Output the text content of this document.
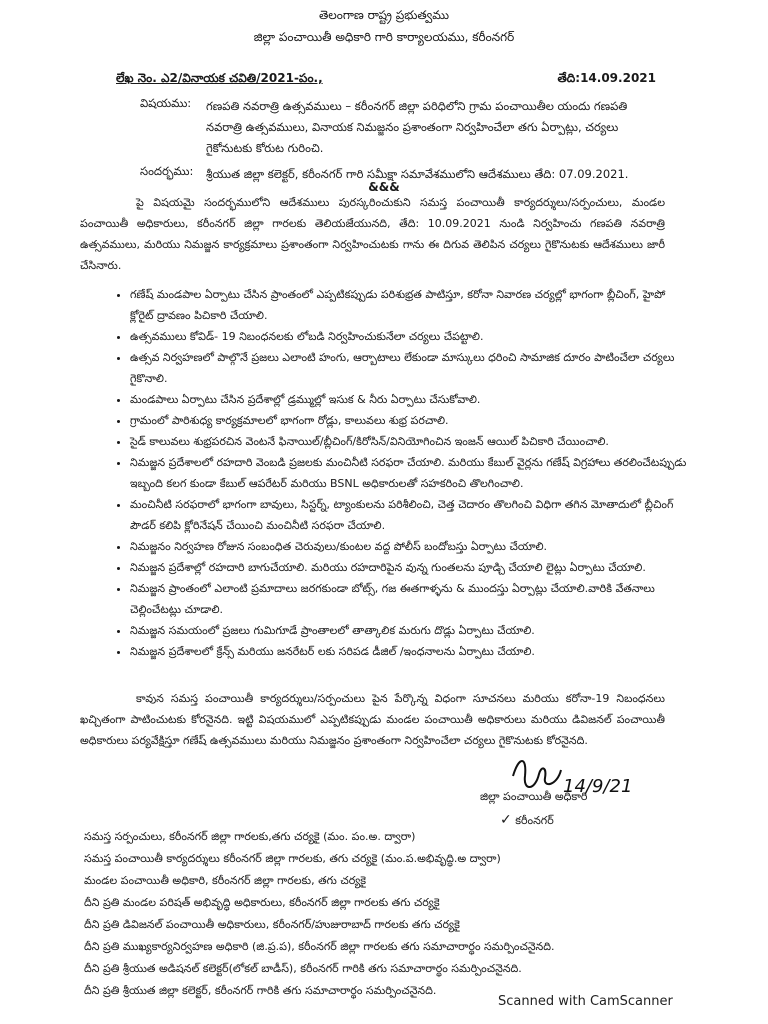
తెలంగాణ రాష్ట్ర ప్రభుత్వము
జిల్లా పంచాయితీ అధికారి గారి కార్యాలయము, కరీంనగర్
లేఖ నెం. ఎ2/వినాయక చవితి/2021-పం.,	తేది:14.09.2021
విషయము:	గణపతి నవరాత్రి ఉత్సవములు – కరీంనగర్ జిల్లా పరిధిలోని గ్రామ పంచాయితీల యందు గణపతి నవరాత్రి ఉత్సవములు, వినాయక నిమజ్జనం ప్రశాంతంగా నిర్వహించేలా తగు ఏర్పాట్లు, చర్యలు గైకోనుటకు కోరుట గురించి.
సందర్భము:	శ్రీయుత జిల్లా కలెక్టర్, కరీంనగర్ గారి సమీక్షా సమావేశములోని ఆదేశములు తేది: 07.09.2021.
&&&

పై విషయమై సందర్భములోని ఆదేశములు పురస్కరించుకుని సమస్త పంచాయితీ కార్యదర్శులు/సర్పంచులు, మండల పంచాయితీ అధికారులు, కరీంనగర్ జిల్లా గారలకు తెలియజేయునది, తేది: 10.09.2021 నుండి నిర్వహించు గణపతి నవరాత్రి ఉత్సవములు, మరియు నిమజ్జన కార్యక్రమాలు ప్రశాంతంగా నిర్వహించుటకు గాను ఈ దిగువ తెలిపిన చర్యలు గైకొనుటకు ఆదేశములు జారీ చేసినారు.

• గణేష్ మండపాల ఏర్పాటు చేసిన ప్రాంతంలో ఎప్పటికప్పుడు పరిశుభ్రత పాటిస్తూ, కరోనా నివారణ చర్యల్లో భాగంగా బ్లీచింగ్, హైపో క్లోరైట్ ద్రావణం పిచికారి చేయాలి.
• ఉత్సవములు కోవిడ్- 19 నిబంధనలకు లోబడి నిర్వహించుకునేలా చర్యలు చేపట్టాలి.
• ఉత్సవ నిర్వహణలో పాల్గొనే ప్రజలు ఎలాంటి హంగు, ఆర్బాటాలు లేకుండా మాస్కులు ధరించి సామాజిక దూరం పాటించేలా చర్యలు గైకొనాలి.
• మండపాలు ఏర్పాటు చేసిన ప్రదేశాల్లో డ్రమ్ముల్లో ఇసుక & నీరు ఏర్పాటు చేసుకోవాలి.
• గ్రామంలో పారిశుధ్య కార్యక్రమాలలో భాగంగా రోడ్లు, కాలువలు శుభ్ర పరచాలి.
• సైడ్ కాలువలు శుభ్రపరచిన వెంటనే ఫినాయిల్/బ్లీచింగ్/కిరోసిన్/వినియోగించిన ఇంజన్ ఆయిల్ పిచికారి చేయించాలి.
• నిమజ్జన ప్రదేశాలలో రహదారి వెంబడి ప్రజలకు మంచినీటి సరఫరా చేయాలి. మరియు కేబుల్ వైర్లను గణేష్ విగ్రహాలు తరలించేటప్పుడు ఇబ్బంది కలగ కుండా కేబుల్ ఆపరేటర్ మరియు BSNL అధికారులతో సహకరించి తొలగించాలి.
• మంచినీటి సరఫరాలో భాగంగా బావులు, సిస్టర్న్, ట్యాంకులను పరిశీలించి, చెత్త చెదారం తొలగించి విధిగా తగిన మోతాదులో బ్లీచింగ్ పౌడర్ కలిపి క్లోరినేషన్ చేయించి మంచినీటి సరఫరా చేయాలి.
• నిమజ్జనం నిర్వహణ రోజున సంబంధిత చెరువులు/కుంటల వద్ద పోలీస్ బందోబస్తు ఏర్పాటు చేయాలి.
• నిమజ్జన ప్రదేశాల్లో రహదారి బాగుచేయాలి. మరియు రహదారిపైన వున్న గుంతలను పూడ్చి చేయాలి లైట్లు ఏర్పాటు చేయాలి.
• నిమజ్జన ప్రాంతంలో ఎలాంటి ప్రమాదాలు జరగకుండా బోట్స్, గజ ఈతగాళ్ళను & ముందస్తు ఏర్పాట్లు చేయాలి.వారికి వేతనాలు చెల్లించేటట్లు చూడాలి.
• నిమజ్జన సమయంలో ప్రజలు గుమిగూడే ప్రాంతాలలో తాత్కాలిక మరుగు దొడ్లు ఏర్పాటు చేయాలి.
• నిమజ్జన ప్రదేశాలలో క్రేన్స్ మరియు జనరేటర్ లకు సరిపడ డీజిల్ /ఇంధనాలను ఏర్పాటు చేయాలి.

కావున సమస్త పంచాయితీ కార్యదర్శులు/సర్పంచులు పైన పేర్కొన్న విధంగా సూచనలు మరియు కరోనా-19 నిబంధనలు ఖచ్చితంగా పాటించుటకు కోరనైనది. ఇట్టి విషయములో ఎప్పటికప్పుడు మండల పంచాయితీ అధికారులు మరియు డివిజనల్ పంచాయితీ అధికారులు పర్యవేక్షిస్తూ గణేష్ ఉత్సవములు మరియు నిమజ్జనం ప్రశాంతంగా నిర్వహించేలా చర్యలు గైకొనుటకు కోరనైనది.

14/9/21
జిల్లా పంచాయితీ అధికారి
✓ కరీంనగర్
సమస్త సర్పంచులు, కరీంనగర్ జిల్లా గారలకు,తగు చర్యకై (మం. పం.అ. ద్వారా)
సమస్త పంచాయితీ కార్యదర్శులు కరీంనగర్ జిల్లా గారలకు, తగు చర్యకై (మం.ప.అభివృద్ధి.అ ద్వారా)
మండల పంచాయితీ అధికారి, కరీంనగర్ జిల్లా గారలకు, తగు చర్యకై
దీని ప్రతి మండల పరిషత్ అభివృద్ధి అధికారులు, కరీంనగర్ జిల్లా గారలకు తగు చర్యకై
దీని ప్రతి డివిజనల్ పంచాయితీ అధికారులు, కరీంనగర్/హుజురాబాద్ గారలకు తగు చర్యకై
దీని ప్రతి ముఖ్యకార్యనిర్వహణ అధికారి (జి.ప్ర.ప), కరీంనగర్ జిల్లా గారలకు తగు సమాచారార్థం సమర్పించనైనది.
దీని ప్రతి శ్రీయుత అడిషనల్ కలెక్టర్(లోకల్ బాడీస్), కరీంనగర్ గారికి తగు సమాచారార్థం సమర్పించనైనది.
దీని ప్రతి శ్రీయుత జిల్లా కలెక్టర్, కరీంనగర్ గారికి తగు సమాచారార్థం సమర్పించనైనది.
Scanned with CamScanner
